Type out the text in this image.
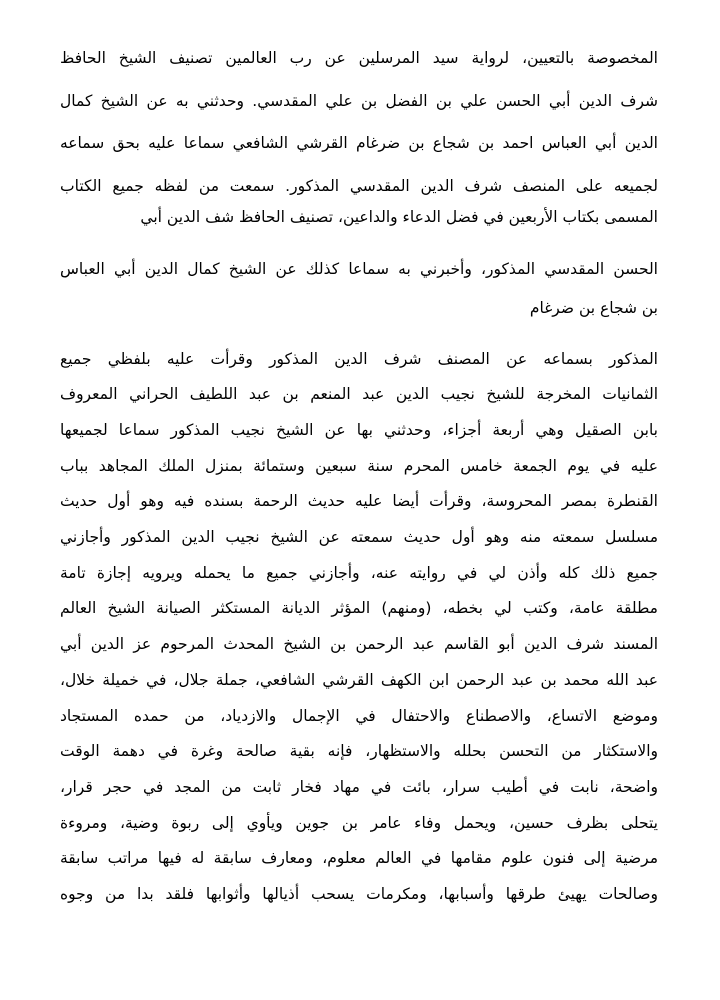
المخصوصة بالتعيين، لرواية سيد المرسلين عن رب العالمين تصنيف الشيخ الحافظ
شرف الدين أبي الحسن علي بن الفضل بن علي المقدسي. وحدثني به عن الشيخ كمال
الدين أبي العباس احمد بن شجاع بن ضرغام القرشي الشافعي سماعا عليه بحق سماعه
لجميعه على المنصف شرف الدين المقدسي المذكور. سمعت من لفظه جميع الكتاب
المسمى بكتاب الأربعين في فضل الدعاء والداعين، تصنيف الحافظ شف الدين أبي
الحسن المقدسي المذكور، وأخبرني به سماعا كذلك عن الشيخ كمال الدين أبي العباس
بن شجاع بن ضرغام
المذكور بسماعه عن المصنف شرف الدين المذكور وقرأت عليه بلفظي جميع
الثمانيات المخرجة للشيخ نجيب الدين عبد المنعم بن عبد اللطيف الحراني المعروف
بابن الصقيل وهي أربعة أجزاء، وحدثني بها عن الشيخ نجيب المذكور سماعا لجميعها
عليه في يوم الجمعة خامس المحرم سنة سبعين وستمائة بمنزل الملك المجاهد بباب
القنطرة بمصر المحروسة، وقرأت أيضا عليه حديث الرحمة بسنده فيه وهو أول حديث
مسلسل سمعته منه وهو أول حديث سمعته عن الشيخ نجيب الدين المذكور وأجازني
جميع ذلك كله وأذن لي في روايته عنه، وأجازني جميع ما يحمله ويرويه إجازة تامة
مطلقة عامة، وكتب لي بخطه، (ومنهم) المؤثر الديانة المستكثر الصيانة الشيخ العالم
المسند شرف الدين أبو القاسم عبد الرحمن بن الشيخ المحدث المرحوم عز الدين أبي
عبد الله محمد بن عبد الرحمن ابن الكهف القرشي الشافعي، جملة جلال، في خميلة خلال،
وموضع الاتساع، والاصطناع والاحتفال في الإجمال والازدياد، من حمده المستجاد
والاستكثار من التحسن بحلله والاستظهار، فإنه بقية صالحة وغرة في دهمة الوقت
واضحة، نابت في أطيب سرار، بائت في مهاد فخار ثابت من المجد في حجر قرار،
يتحلى بظرف حسين، ويحمل وفاء عامر بن جوين ويأوي إلى ربوة وضية، ومروءة
مرضية إلى فنون علوم مقامها في العالم معلوم، ومعارف سابقة له فيها مراتب سابقة
وصالحات يهيئ طرقها وأسبابها، ومكرمات يسحب أذيالها وأثوابها فلقد بدا من وجوه
